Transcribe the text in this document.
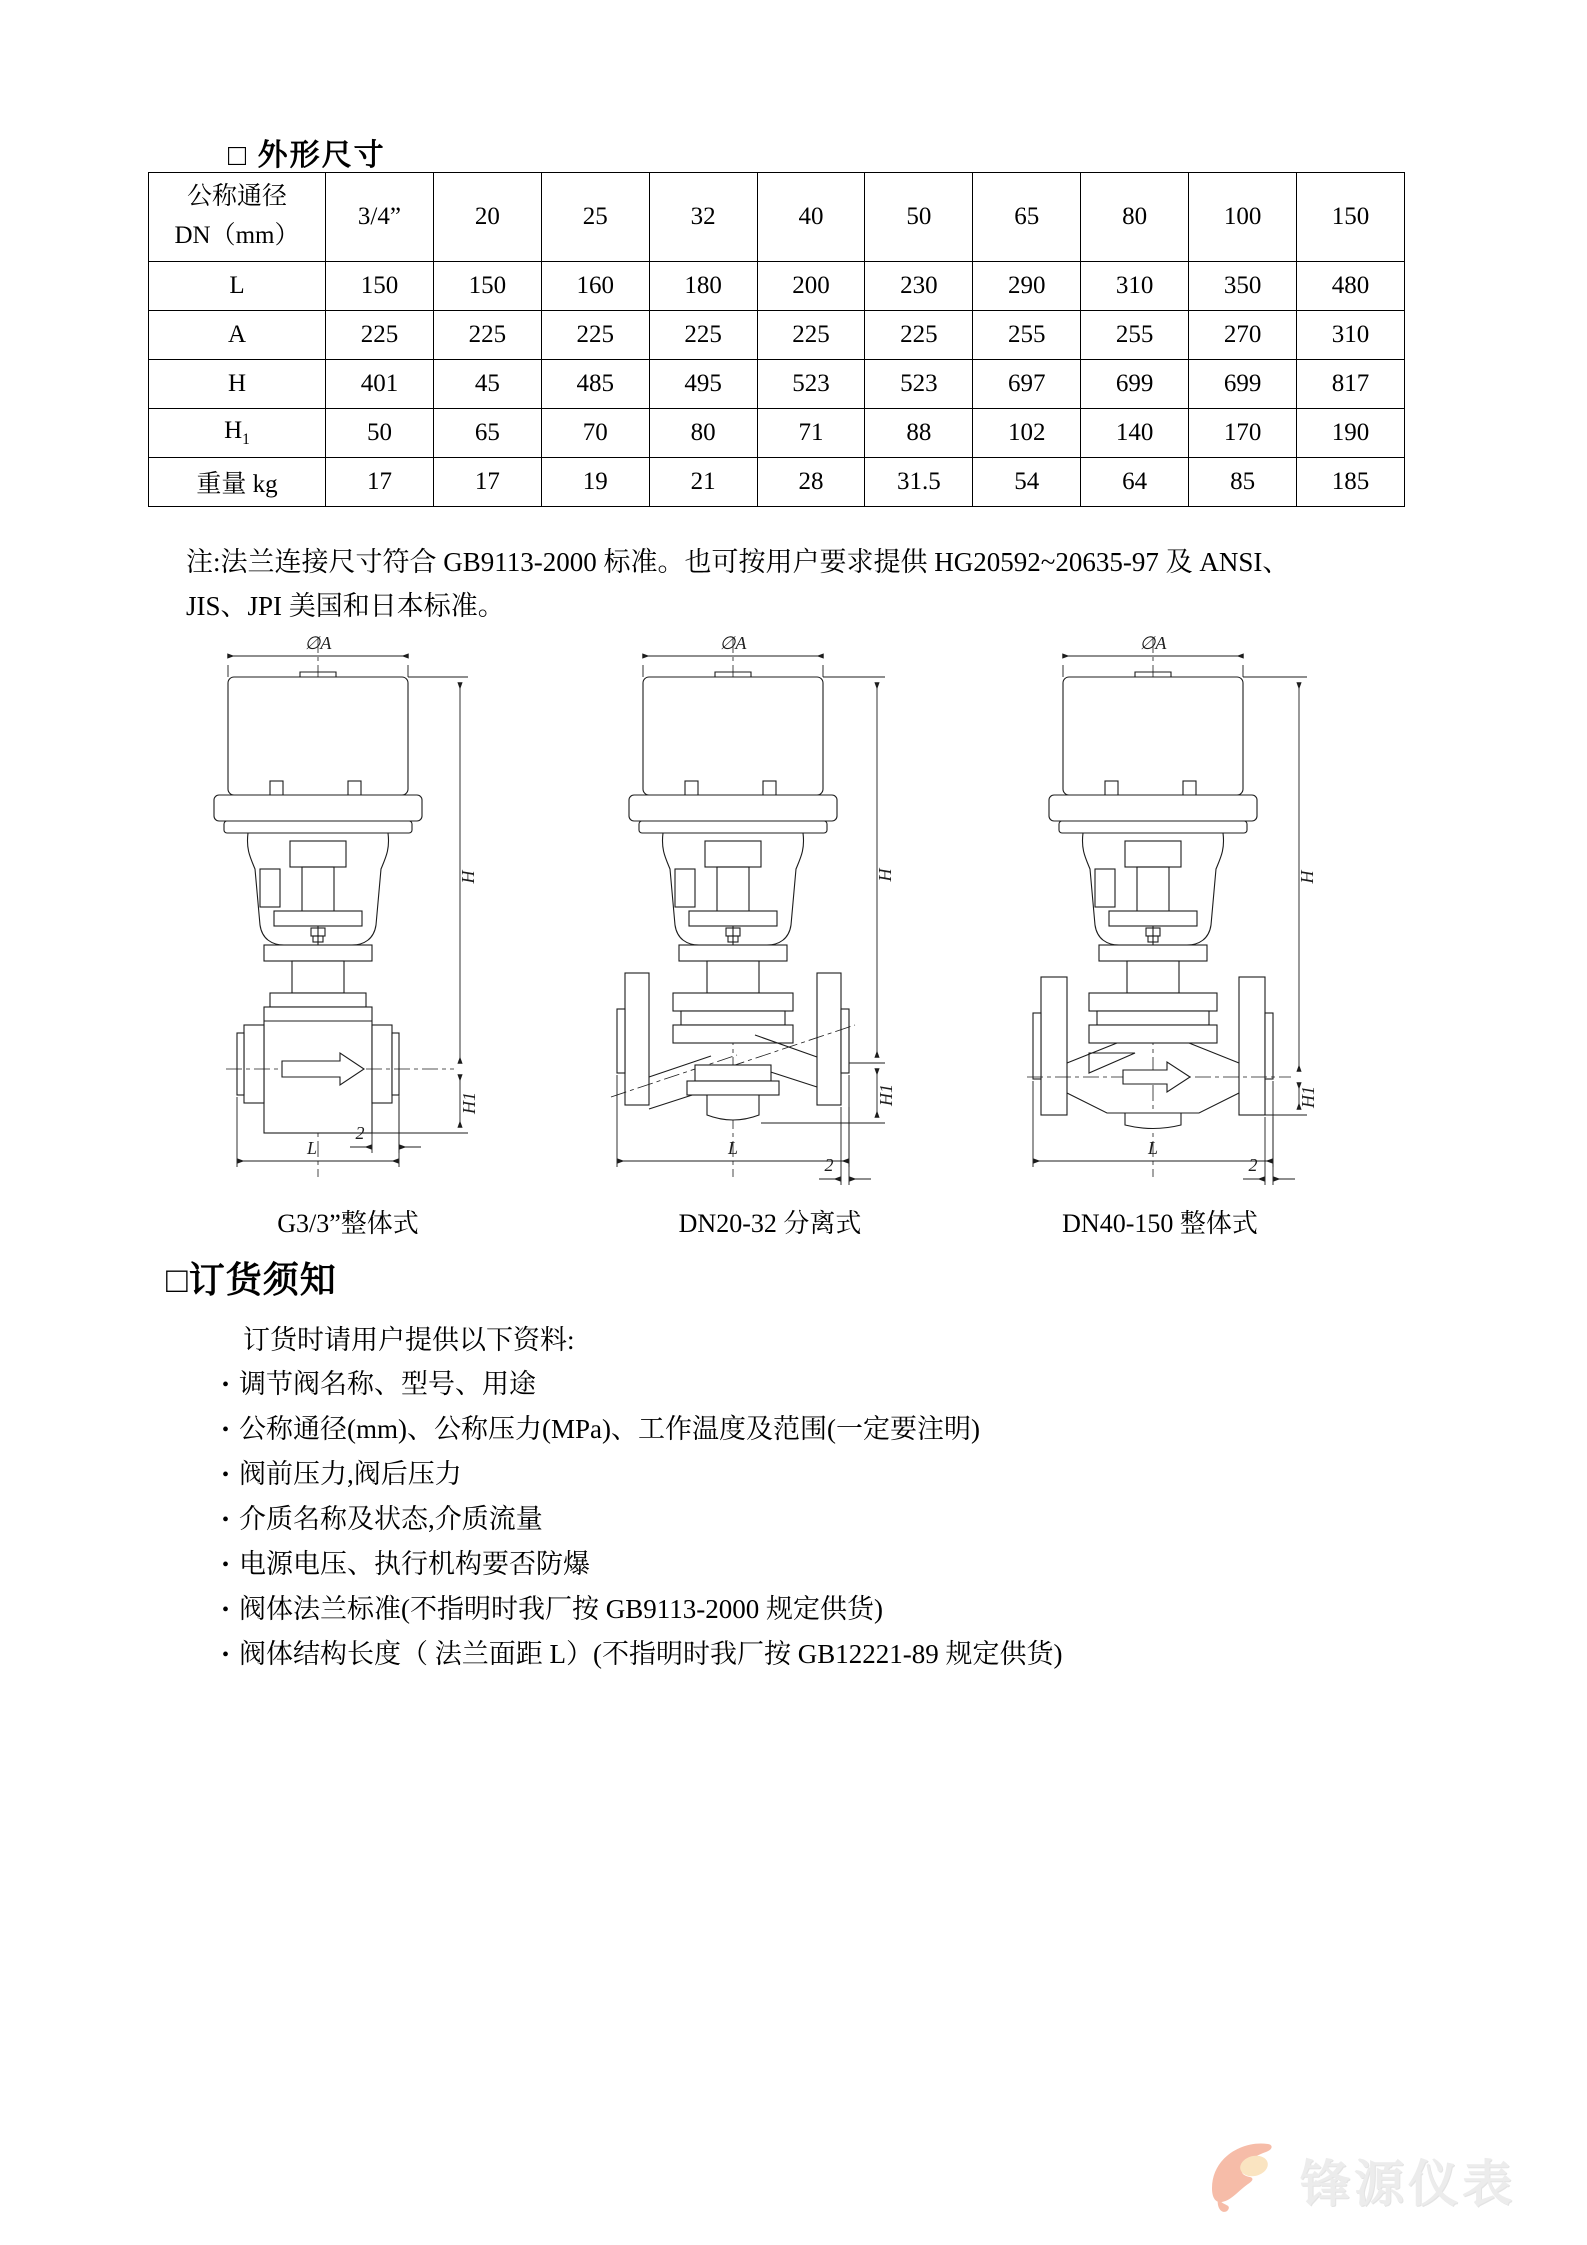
□ 外形尺寸
公称通径
DN（mm）	3/4”	20	25	32	40	50	65	80	100	150
L	150	150	160	180	200	230	290	310	350	480
A	225	225	225	225	225	225	255	255	270	310
H	401	45	485	495	523	523	697	699	699	817
$H_1$	50	65	70	80	71	88	102	140	170	190
重量 kg	17	17	19	21	28	31.5	54	64	85	185
注:法兰连接尺寸符合 GB9113-2000 标准。也可按用户要求提供 HG20592~20635-97 及 ANSI、
JIS、JPI 美国和日本标准。
∅A
H
H1
L
2
∅A
H
H1
L
2
∅A
H
H1
L
2
G3/3”整体式	DN20-32 分离式	DN40-150 整体式
□订货须知
订货时请用户提供以下资料:
• 调节阀名称、型号、用途
• 公称通径(mm)、公称压力(MPa)、工作温度及范围(一定要注明)
• 阀前压力,阀后压力
• 介质名称及状态,介质流量
• 电源电压、执行机构要否防爆
• 阀体法兰标准(不指明时我厂按 GB9113-2000 规定供货)
• 阀体结构长度（ 法兰面距 L）(不指明时我厂按 GB12221-89 规定供货)
锋源仪表
